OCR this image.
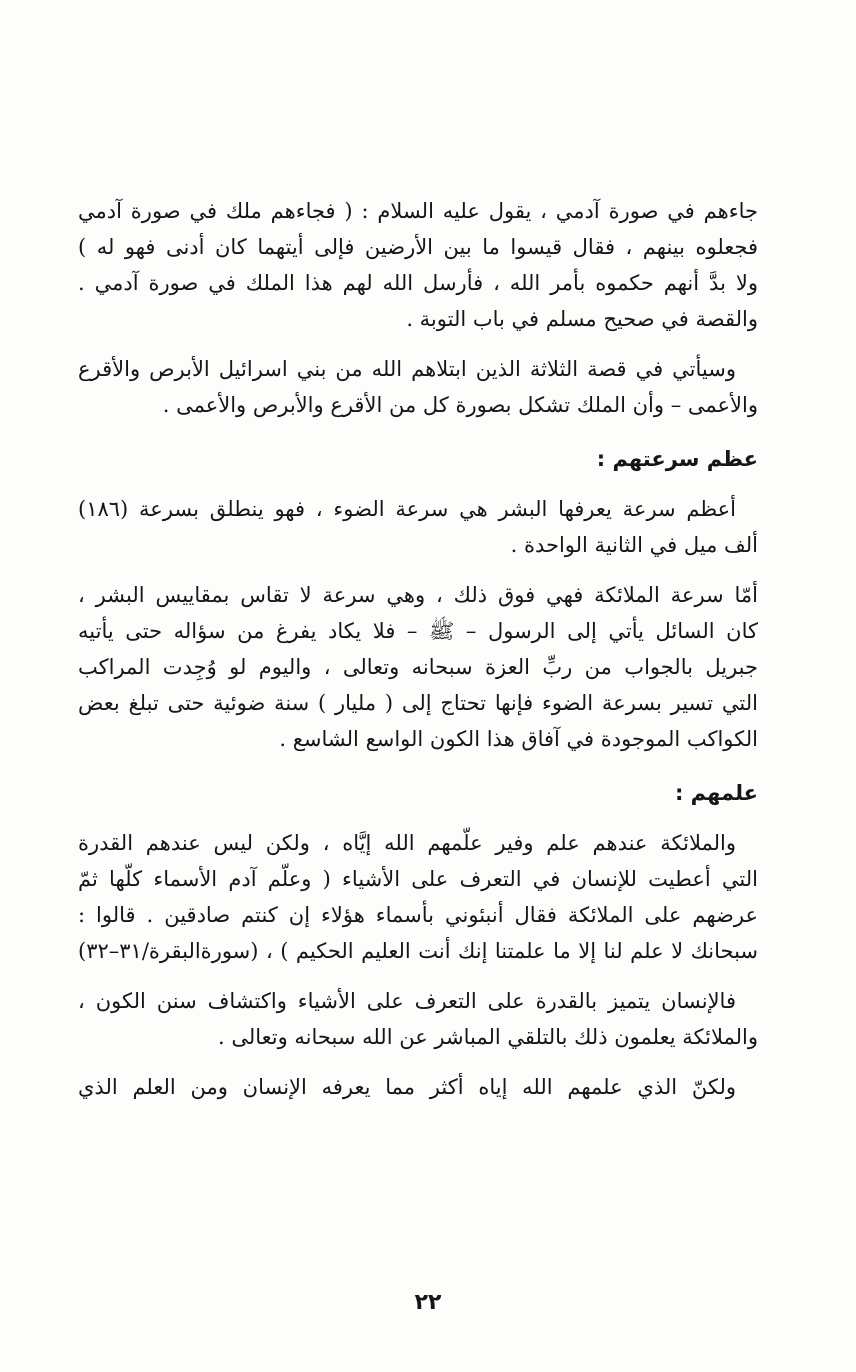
جاءهم في صورة آدمي ، يقول عليه السلام : ( فجاءهم ملك في صورة آدمي
فجعلوه بينهم ، فقال قيسوا ما بين الأرضين فإلى أيتهما كان أدنى فهو له )
ولا بدَّ أنهم حكموه بأمر الله ، فأرسل الله لهم هذا الملك في صورة آدمي .
والقصة في صحيح مسلم في باب التوبة .
وسيأتي في قصة الثلاثة الذين ابتلاهم الله من بني اسرائيل الأبرص والأقرع
والأعمى – وأن الملك تشكل بصورة كل من الأقرع والأبرص والأعمى .
عظم سرعتهم :
أعظم سرعة يعرفها البشر هي سرعة الضوء ، فهو ينطلق بسرعة (١٨٦)
ألف ميل في الثانية الواحدة .
أمّا سرعة الملائكة فهي فوق ذلك ، وهي سرعة لا تقاس بمقاييس البشر ،
كان السائل يأتي إلى الرسول – ﷺ – فلا يكاد يفرغ من سؤاله حتى يأتيه
جبريل بالجواب من ربِّ العزة سبحانه وتعالى ، واليوم لو وُجِدت المراكب
التي تسير بسرعة الضوء فإنها تحتاج إلى ( مليار ) سنة ضوئية حتى تبلغ بعض
الكواكب الموجودة في آفاق هذا الكون الواسع الشاسع .
علمهم :
والملائكة عندهم علم وفير علّمهم الله إيَّاه ، ولكن ليس عندهم القدرة
التي أعطيت للإنسان في التعرف على الأشياء ( وعلّم آدم الأسماء كلّها ثمّ
عرضهم على الملائكة فقال أنبئوني بأسماء هؤلاء إن كنتم صادقين . قالوا :
سبحانك لا علم لنا إلا ما علمتنا إنك أنت العليم الحكيم ) ، (سورةالبقرة/٣١–٣٢)
فالإنسان يتميز بالقدرة على التعرف على الأشياء واكتشاف سنن الكون ،
والملائكة يعلمون ذلك بالتلقي المباشر عن الله سبحانه وتعالى .
ولكنّ الذي علمهم الله إياه أكثر مما يعرفه الإنسان ومن العلم الذي
٢٢
